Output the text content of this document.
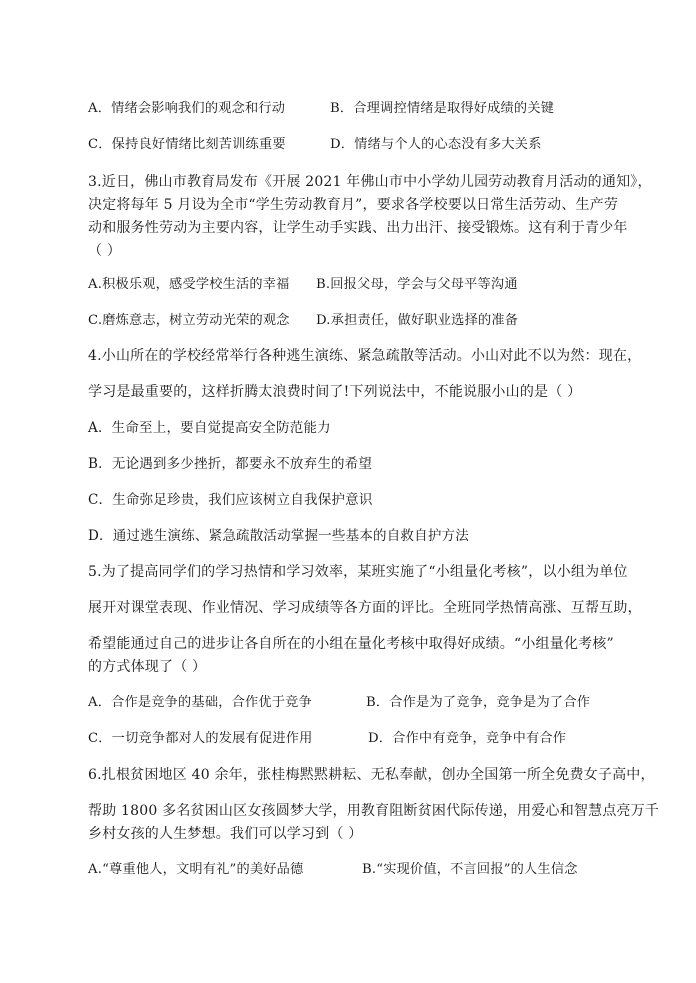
A．情绪会影响我们的观念和行动	B．合理调控情绪是取得好成绩的关键
C．保持良好情绪比刻苦训练重要	D．情绪与个人的心态没有多大关系
3.近日，佛山市教育局发布《开展 2021 年佛山市中小学幼儿园劳动教育月活动的通知》，
决定将每年 5 月设为全市“学生劳动教育月”，要求各学校要以日常生活劳动、生产劳
动和服务性劳动为主要内容，让学生动手实践、出力出汗、接受锻炼。这有利于青少年
（ ）
A.积极乐观，感受学校生活的幸福 B.回报父母，学会与父母平等沟通
C.磨炼意志，树立劳动光荣的观念 D.承担责任，做好职业选择的准备
4.小山所在的学校经常举行各种逃生演练、紧急疏散等活动。小山对此不以为然：现在，
学习是最重要的，这样折腾太浪费时间了!下列说法中，不能说服小山的是（ ）
A．生命至上，要自觉提高安全防范能力
B．无论遇到多少挫折，都要永不放弃生的希望
C．生命弥足珍贵，我们应该树立自我保护意识
D．通过逃生演练、紧急疏散活动掌握一些基本的自救自护方法
5.为了提高同学们的学习热情和学习效率，某班实施了“小组量化考核”，以小组为单位
展开对课堂表现、作业情况、学习成绩等各方面的评比。全班同学热情高涨、互帮互助，
希望能通过自己的进步让各自所在的小组在量化考核中取得好成绩。“小组量化考核”
的方式体现了（ ）
A．合作是竞争的基础，合作优于竞争	B．合作是为了竞争，竞争是为了合作
C．一切竞争都对人的发展有促进作用	D．合作中有竞争，竞争中有合作
6.扎根贫困地区 40 余年，张桂梅黙黙耕耘、无私奉献，创办全国第一所全免费女子高中，
帮助 1800 多名贫困山区女孩圆梦大学，用教育阻断贫困代际传递，用爱心和智慧点亮万千
乡村女孩的人生梦想。我们可以学习到（ ）
A.“尊重他人，文明有礼”的美好品德	B.“实现价值，不言回报”的人生信念
